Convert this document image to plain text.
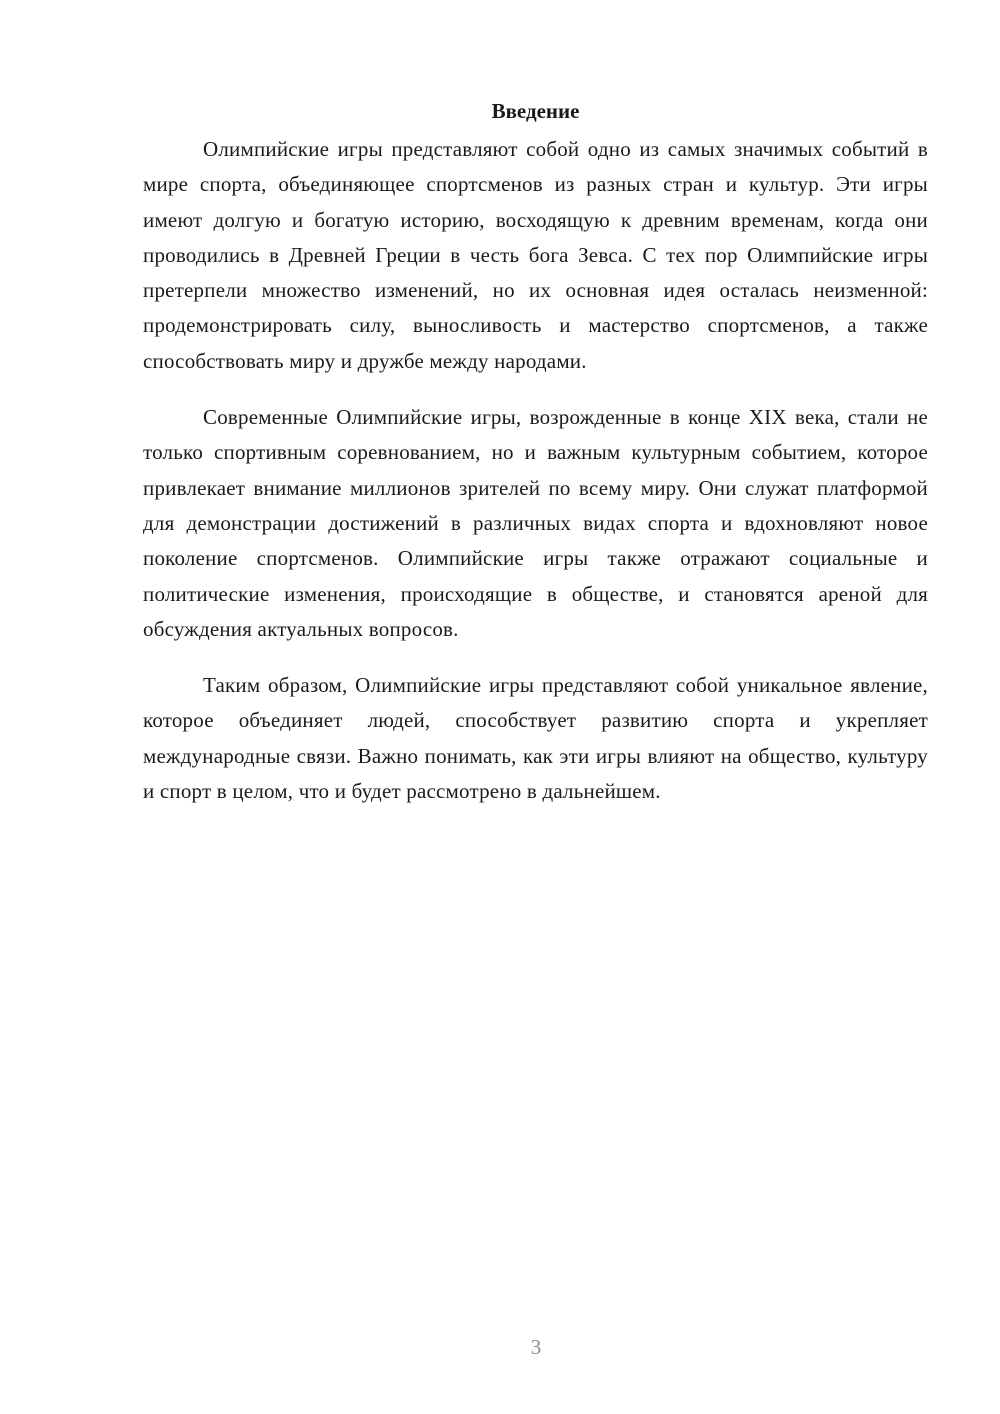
Введение

Олимпийские игры представляют собой одно из самых значимых событий в мире спорта, объединяющее спортсменов из разных стран и культур. Эти игры имеют долгую и богатую историю, восходящую к древним временам, когда они проводились в Древней Греции в честь бога Зевса. С тех пор Олимпийские игры претерпели множество изменений, но их основная идея осталась неизменной: продемонстрировать силу, выносливость и мастерство спортсменов, а также способствовать миру и дружбе между народами.

Современные Олимпийские игры, возрожденные в конце XIX века, стали не только спортивным соревнованием, но и важным культурным событием, которое привлекает внимание миллионов зрителей по всему миру. Они служат платформой для демонстрации достижений в различных видах спорта и вдохновляют новое поколение спортсменов. Олимпийские игры также отражают социальные и политические изменения, происходящие в обществе, и становятся ареной для обсуждения актуальных вопросов.

Таким образом, Олимпийские игры представляют собой уникальное явление, которое объединяет людей, способствует развитию спорта и укрепляет международные связи. Важно понимать, как эти игры влияют на общество, культуру и спорт в целом, что и будет рассмотрено в дальнейшем.

3
